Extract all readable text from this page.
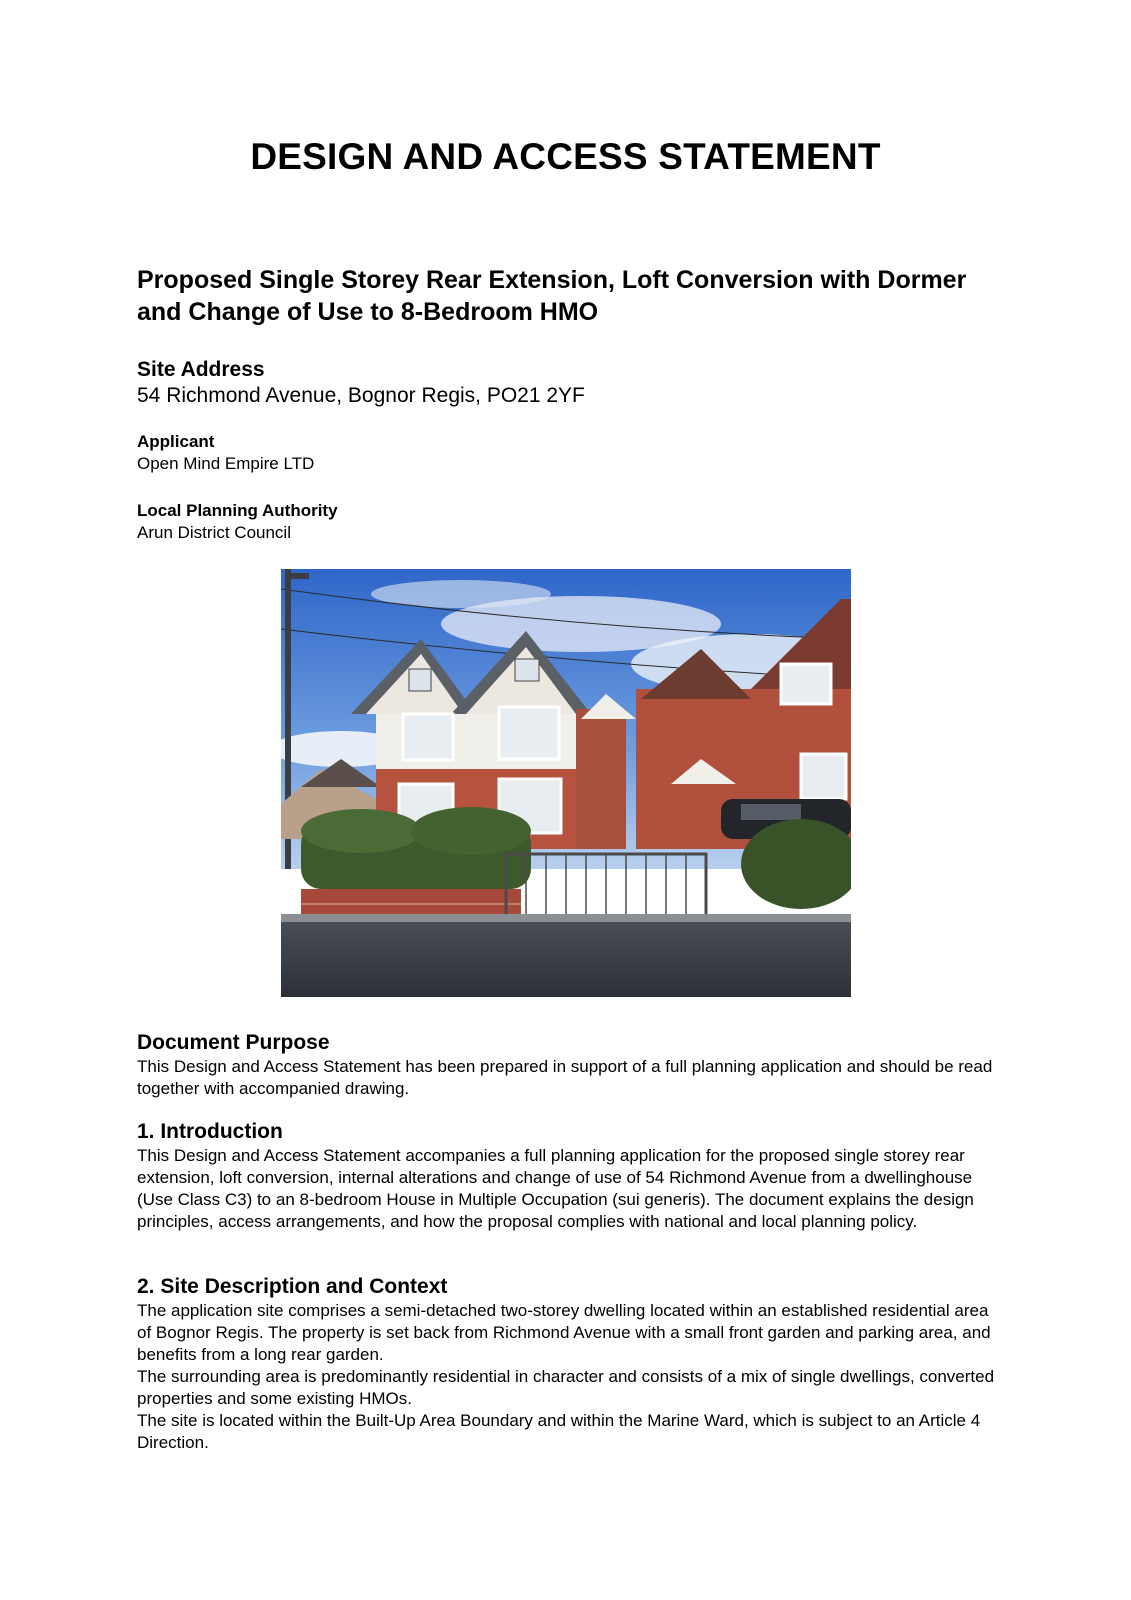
DESIGN AND ACCESS STATEMENT
Proposed Single Storey Rear Extension, Loft Conversion with Dormer and Change of Use to 8-Bedroom HMO

Site Address

54 Richmond Avenue, Bognor Regis, PO21 2YF

Applicant

Open Mind Empire LTD

Local Planning Authority

Arun District Council

Document Purpose

This Design and Access Statement has been prepared in support of a full planning application and should be read together with accompanied drawing.

1. Introduction

This Design and Access Statement accompanies a full planning application for the proposed single storey rear extension, loft conversion, internal alterations and change of use of 54 Richmond Avenue from a dwellinghouse (Use Class C3) to an 8-bedroom House in Multiple Occupation (sui generis). The document explains the design principles, access arrangements, and how the proposal complies with national and local planning policy.

2. Site Description and Context

The application site comprises a semi-detached two-storey dwelling located within an established residential area of Bognor Regis. The property is set back from Richmond Avenue with a small front garden and parking area, and benefits from a long rear garden.

The surrounding area is predominantly residential in character and consists of a mix of single dwellings, converted properties and some existing HMOs.

The site is located within the Built-Up Area Boundary and within the Marine Ward, which is subject to an Article 4 Direction.
